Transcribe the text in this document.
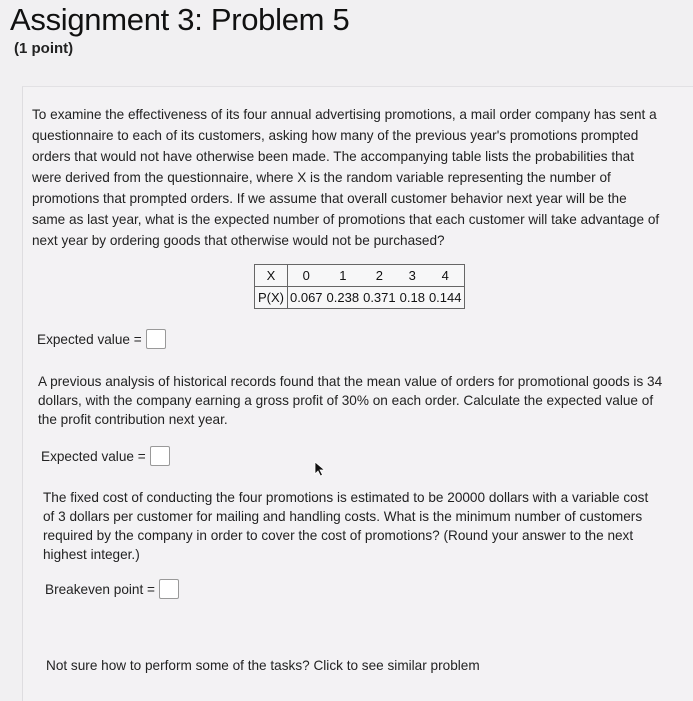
Assignment 3: Problem 5
(1 point)
To examine the effectiveness of its four annual advertising promotions, a mail order company has sent a
questionnaire to each of its customers, asking how many of the previous year's promotions prompted
orders that would not have otherwise been made. The accompanying table lists the probabilities that
were derived from the questionnaire, where X is the random variable representing the number of
promotions that prompted orders. If we assume that overall customer behavior next year will be the
same as last year, what is the expected number of promotions that each customer will take advantage of
next year by ordering goods that otherwise would not be purchased?
X	0	1	2	3	4
P(X)	0.067	0.238	0.371	0.18	0.144
Expected value =
A previous analysis of historical records found that the mean value of orders for promotional goods is 34
dollars, with the company earning a gross profit of 30% on each order. Calculate the expected value of
the profit contribution next year.
Expected value =
The fixed cost of conducting the four promotions is estimated to be 20000 dollars with a variable cost
of 3 dollars per customer for mailing and handling costs. What is the minimum number of customers
required by the company in order to cover the cost of promotions? (Round your answer to the next
highest integer.)
Breakeven point =
Not sure how to perform some of the tasks? Click to see similar problem
